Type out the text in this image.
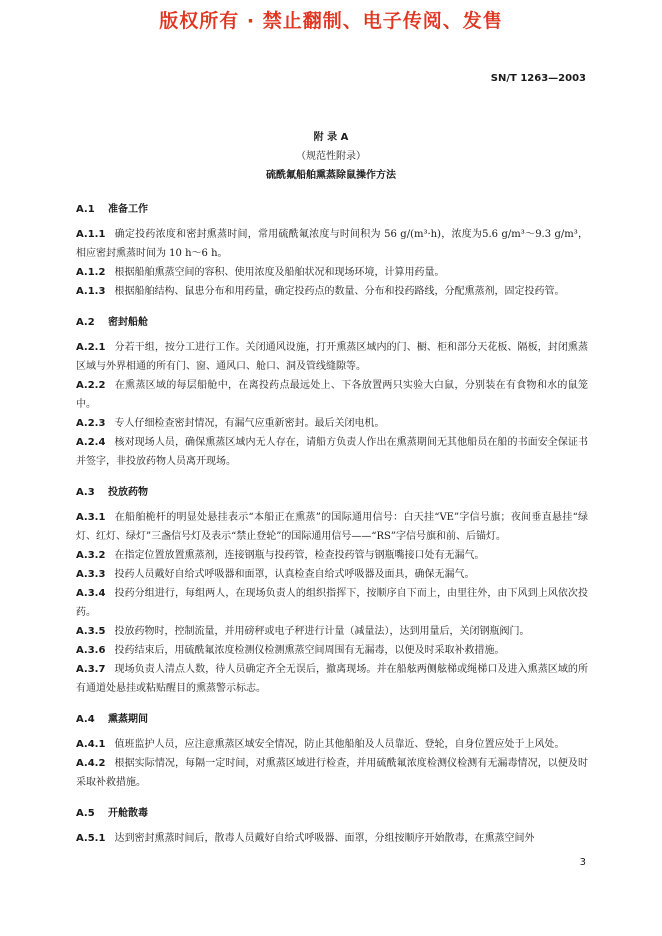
版权所有 · 禁止翻制、电子传阅、发售
SN/T 1263—2003
附 录 A
（规范性附录）
硫酰氟船舶熏蒸除鼠操作方法
A.1 准备工作

A.1.1 确定投药浓度和密封熏蒸时间，常用硫酰氟浓度与时间积为 56 g/(m³·h)，浓度为5.6 g/m³～9.3 g/m³，相应密封熏蒸时间为 10 h～6 h。

A.1.2 根据船舶熏蒸空间的容积、使用浓度及船舶状况和现场环境，计算用药量。

A.1.3 根据船舶结构、鼠患分布和用药量，确定投药点的数量、分布和投药路线，分配熏蒸剂，固定投药管。

A.2 密封船舱

A.2.1 分若干组，按分工进行工作。关闭通风设施，打开熏蒸区域内的门、橱、柜和部分天花板、隔板，封闭熏蒸区域与外界相通的所有门、窗、通风口、舱口、洞及管线缝隙等。

A.2.2 在熏蒸区域的每层船舱中，在离投药点最远处上、下各放置两只实验大白鼠，分别装在有食物和水的鼠笼中。

A.2.3 专人仔细检查密封情况，有漏气应重新密封。最后关闭电机。

A.2.4 核对现场人员，确保熏蒸区域内无人存在，请船方负责人作出在熏蒸期间无其他船员在船的书面安全保证书并签字，非投放药物人员离开现场。

A.3 投放药物

A.3.1 在船舶桅杆的明显处悬挂表示“本船正在熏蒸”的国际通用信号：白天挂“VE”字信号旗；夜间垂直悬挂“绿灯、红灯、绿灯”三盏信号灯及表示“禁止登轮”的国际通用信号——“RS”字信号旗和前、后锚灯。

A.3.2 在指定位置放置熏蒸剂，连接钢瓶与投药管，检查投药管与钢瓶嘴接口处有无漏气。

A.3.3 投药人员戴好自给式呼吸器和面罩，认真检查自给式呼吸器及面具，确保无漏气。

A.3.4 投药分组进行，每组两人，在现场负责人的组织指挥下，按顺序自下而上，由里往外，由下风到上风依次投药。

A.3.5 投放药物时，控制流量，并用磅秤或电子秤进行计量（减量法），达到用量后，关闭钢瓶阀门。

A.3.6 投药结束后，用硫酰氟浓度检测仪检测熏蒸空间周围有无漏毒，以便及时采取补救措施。

A.3.7 现场负责人清点人数，待人员确定齐全无误后，撤离现场。并在船舷两侧舷梯或绳梯口及进入熏蒸区域的所有通道处悬挂或粘贴醒目的熏蒸警示标志。

A.4 熏蒸期间

A.4.1 值班监护人员，应注意熏蒸区域安全情况，防止其他船舶及人员靠近、登轮，自身位置应处于上风处。

A.4.2 根据实际情况，每隔一定时间，对熏蒸区域进行检查，并用硫酰氟浓度检测仪检测有无漏毒情况，以便及时采取补救措施。

A.5 开舱散毒

A.5.1 达到密封熏蒸时间后，散毒人员戴好自给式呼吸器、面罩，分组按顺序开始散毒，在熏蒸空间外

3
